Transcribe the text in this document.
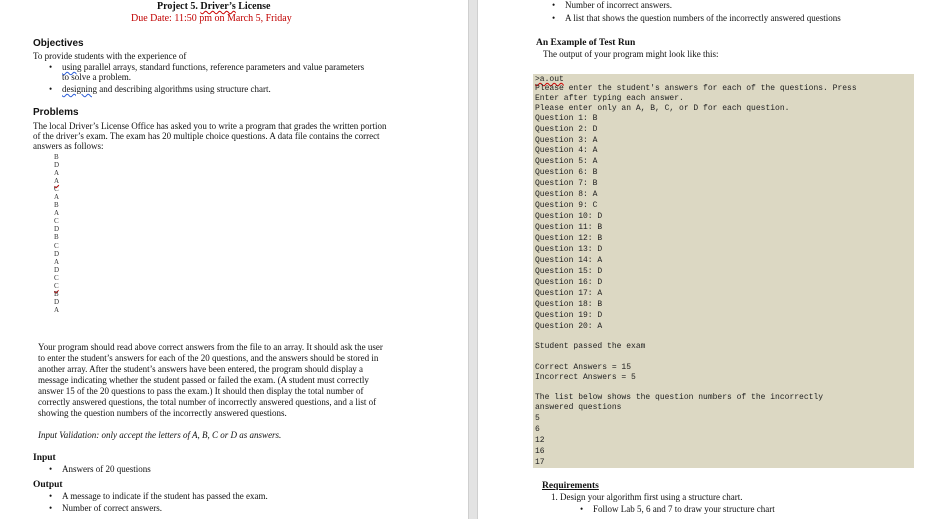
Project 5. Driver’s License
Due Date: 11:50 pm on March 5, Friday
Objectives
To provide students with the experience of
• using parallel arrays, standard functions, reference parameters and value parameters
to solve a problem.
• designing and describing algorithms using structure chart.
Problems
The local Driver’s License Office has asked you to write a program that grades the written portion
of the driver’s exam. The exam has 20 multiple choice questions. A data file contains the correct
answers as follows:
B
D
A
A
C
A
B
A
C
D
B
C
D
A
D
C
C
B
D
A
Your program should read above correct answers from the file to an array. It should ask the user
to enter the student’s answers for each of the 20 questions, and the answers should be stored in
another array. After the student’s answers have been entered, the program should display a
message indicating whether the student passed or failed the exam. (A student must correctly
answer 15 of the 20 questions to pass the exam.) It should then display the total number of
correctly answered questions, the total number of incorrectly answered questions, and a list of
showing the question numbers of the incorrectly answered questions.
Input Validation: only accept the letters of A, B, C or D as answers.
Input
• Answers of 20 questions
Output
• A message to indicate if the student has passed the exam.
• Number of correct answers.
• Number of incorrect answers.
• A list that shows the question numbers of the incorrectly answered questions
An Example of Test Run
The output of your program might look like this:
>a.out
Please enter the student's answers for each of the questions. Press
Enter after typing each answer.
Please enter only an A, B, C, or D for each question.
Question 1: B
Question 2: D
Question 3: A
Question 4: A
Question 5: A
Question 6: B
Question 7: B
Question 8: A
Question 9: C
Question 10: D
Question 11: B
Question 12: B
Question 13: D
Question 14: A
Question 15: D
Question 16: D
Question 17: A
Question 18: B
Question 19: D
Question 20: A
Student passed the exam
Correct Answers = 15
Incorrect Answers = 5
The list below shows the question numbers of the incorrectly
answered questions
5
6
12
16
17
Requirements
1. Design your algorithm first using a structure chart.
• Follow Lab 5, 6 and 7 to draw your structure chart
